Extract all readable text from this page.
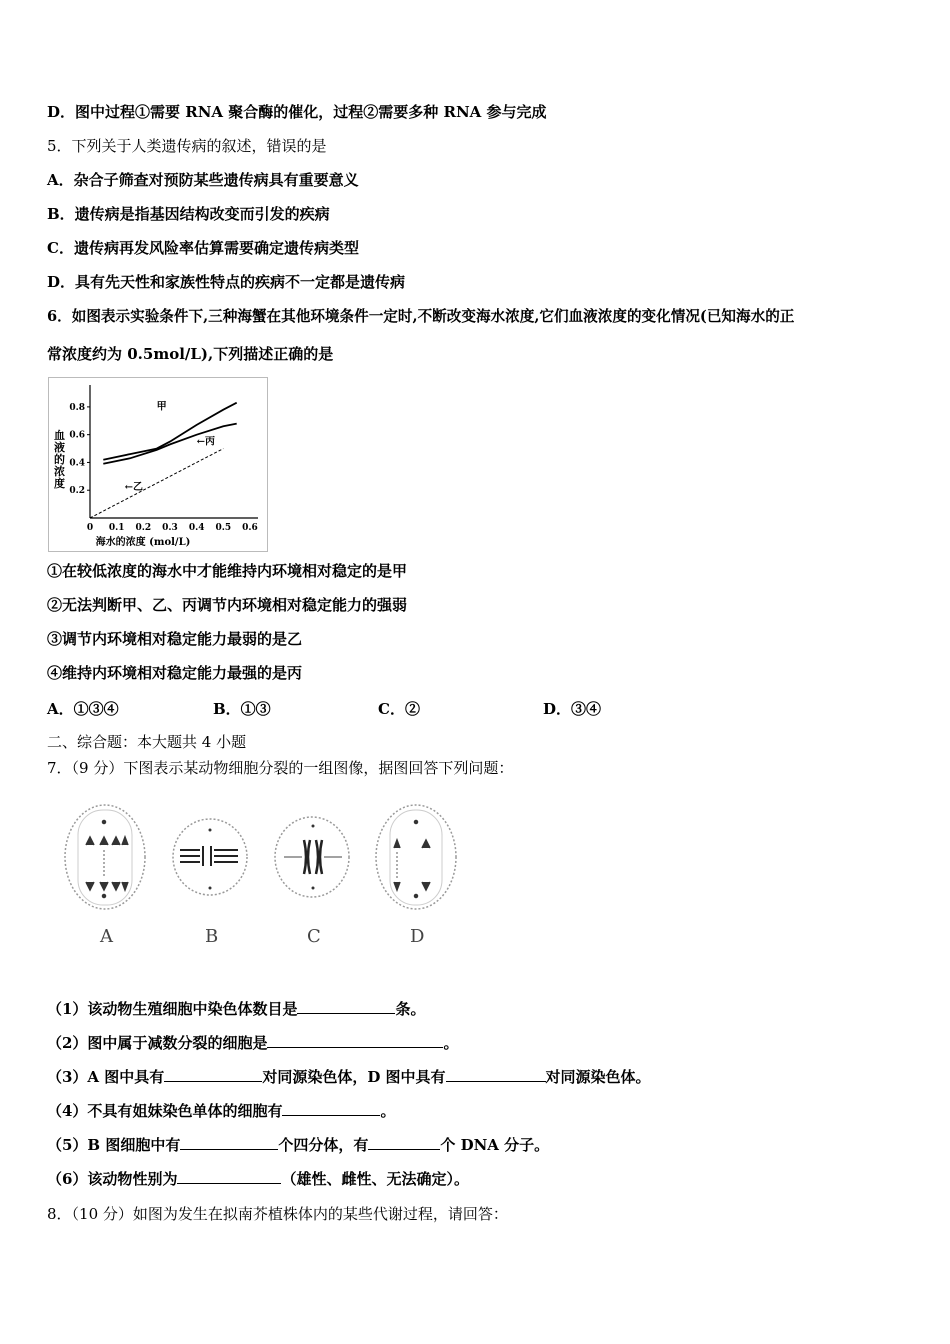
D．图中过程①需要 RNA 聚合酶的催化，过程②需要多种 RNA 参与完成
5．下列关于人类遗传病的叙述，错误的是
A．杂合子筛查对预防某些遗传病具有重要意义
B．遗传病是指基因结构改变而引发的疾病
C．遗传病再发风险率估算需要确定遗传病类型
D．具有先天性和家族性特点的疾病不一定都是遗传病
6．如图表示实验条件下,三种海蟹在其他环境条件一定时,不断改变海水浓度,它们血液浓度的变化情况(已知海水的正
常浓度约为 0.5mol/L),下列描述正确的是
0 0.1 0.2 0.3 0.4 0.5 0.6
0.2
0.4
0.6
0.8	甲
←乙
←丙
血液的浓度
海水的浓度 (mol/L)
①在较低浓度的海水中才能维持内环境相对稳定的是甲
②无法判断甲、乙、丙调节内环境相对稳定能力的强弱
③调节内环境相对稳定能力最弱的是乙
④维持内环境相对稳定能力最强的是丙
A．①③④	B．①③	C．②	D．③④
二、综合题：本大题共 4 小题
7．（9 分）下图表示某动物细胞分裂的一组图像，据图回答下列问题：
A	B	C	D
（1）该动物生殖细胞中染色体数目是	条。
（2）图中属于减数分裂的细胞是	。
（3）A 图中具有	对同源染色体，D 图中具有	对同源染色体。
（4）不具有姐妹染色单体的细胞有	。
（5）B 图细胞中有	个四分体，有	个 DNA 分子。
（6）该动物性别为	（雄性、雌性、无法确定）。
8．（10 分）如图为发生在拟南芥植株体内的某些代谢过程，请回答：
